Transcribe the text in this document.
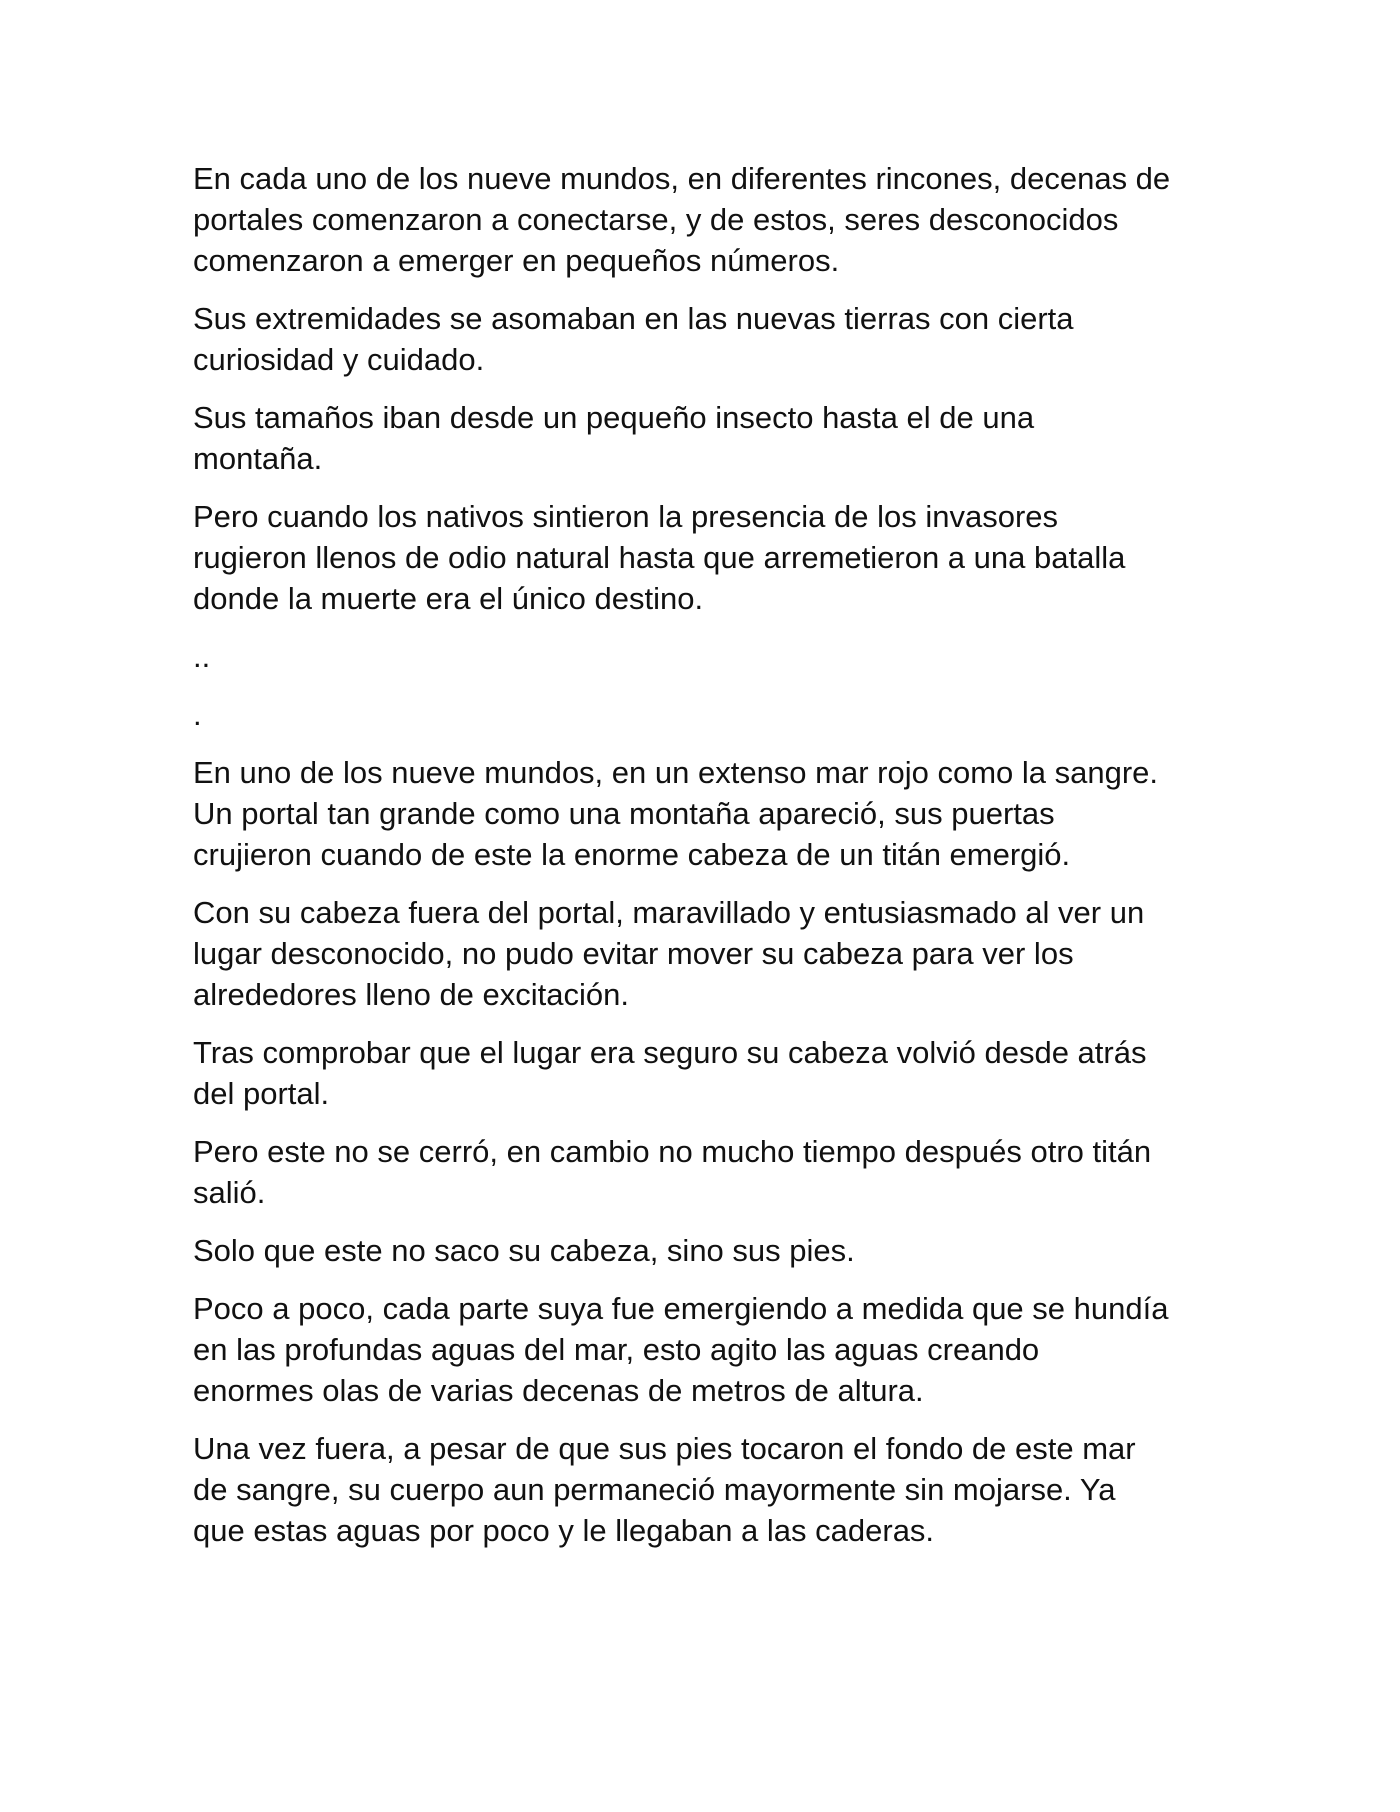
En cada uno de los nueve mundos, en diferentes rincones, decenas de
portales comenzaron a conectarse, y de estos, seres desconocidos
comenzaron a emerger en pequeños números.

Sus extremidades se asomaban en las nuevas tierras con cierta
curiosidad y cuidado.

Sus tamaños iban desde un pequeño insecto hasta el de una
montaña.

Pero cuando los nativos sintieron la presencia de los invasores
rugieron llenos de odio natural hasta que arremetieron a una batalla
donde la muerte era el único destino.

..

.

En uno de los nueve mundos, en un extenso mar rojo como la sangre.
Un portal tan grande como una montaña apareció, sus puertas
crujieron cuando de este la enorme cabeza de un titán emergió.

Con su cabeza fuera del portal, maravillado y entusiasmado al ver un
lugar desconocido, no pudo evitar mover su cabeza para ver los
alrededores lleno de excitación.

Tras comprobar que el lugar era seguro su cabeza volvió desde atrás
del portal.

Pero este no se cerró, en cambio no mucho tiempo después otro titán
salió.

Solo que este no saco su cabeza, sino sus pies.

Poco a poco, cada parte suya fue emergiendo a medida que se hundía
en las profundas aguas del mar, esto agito las aguas creando
enormes olas de varias decenas de metros de altura.

Una vez fuera, a pesar de que sus pies tocaron el fondo de este mar
de sangre, su cuerpo aun permaneció mayormente sin mojarse. Ya
que estas aguas por poco y le llegaban a las caderas.
